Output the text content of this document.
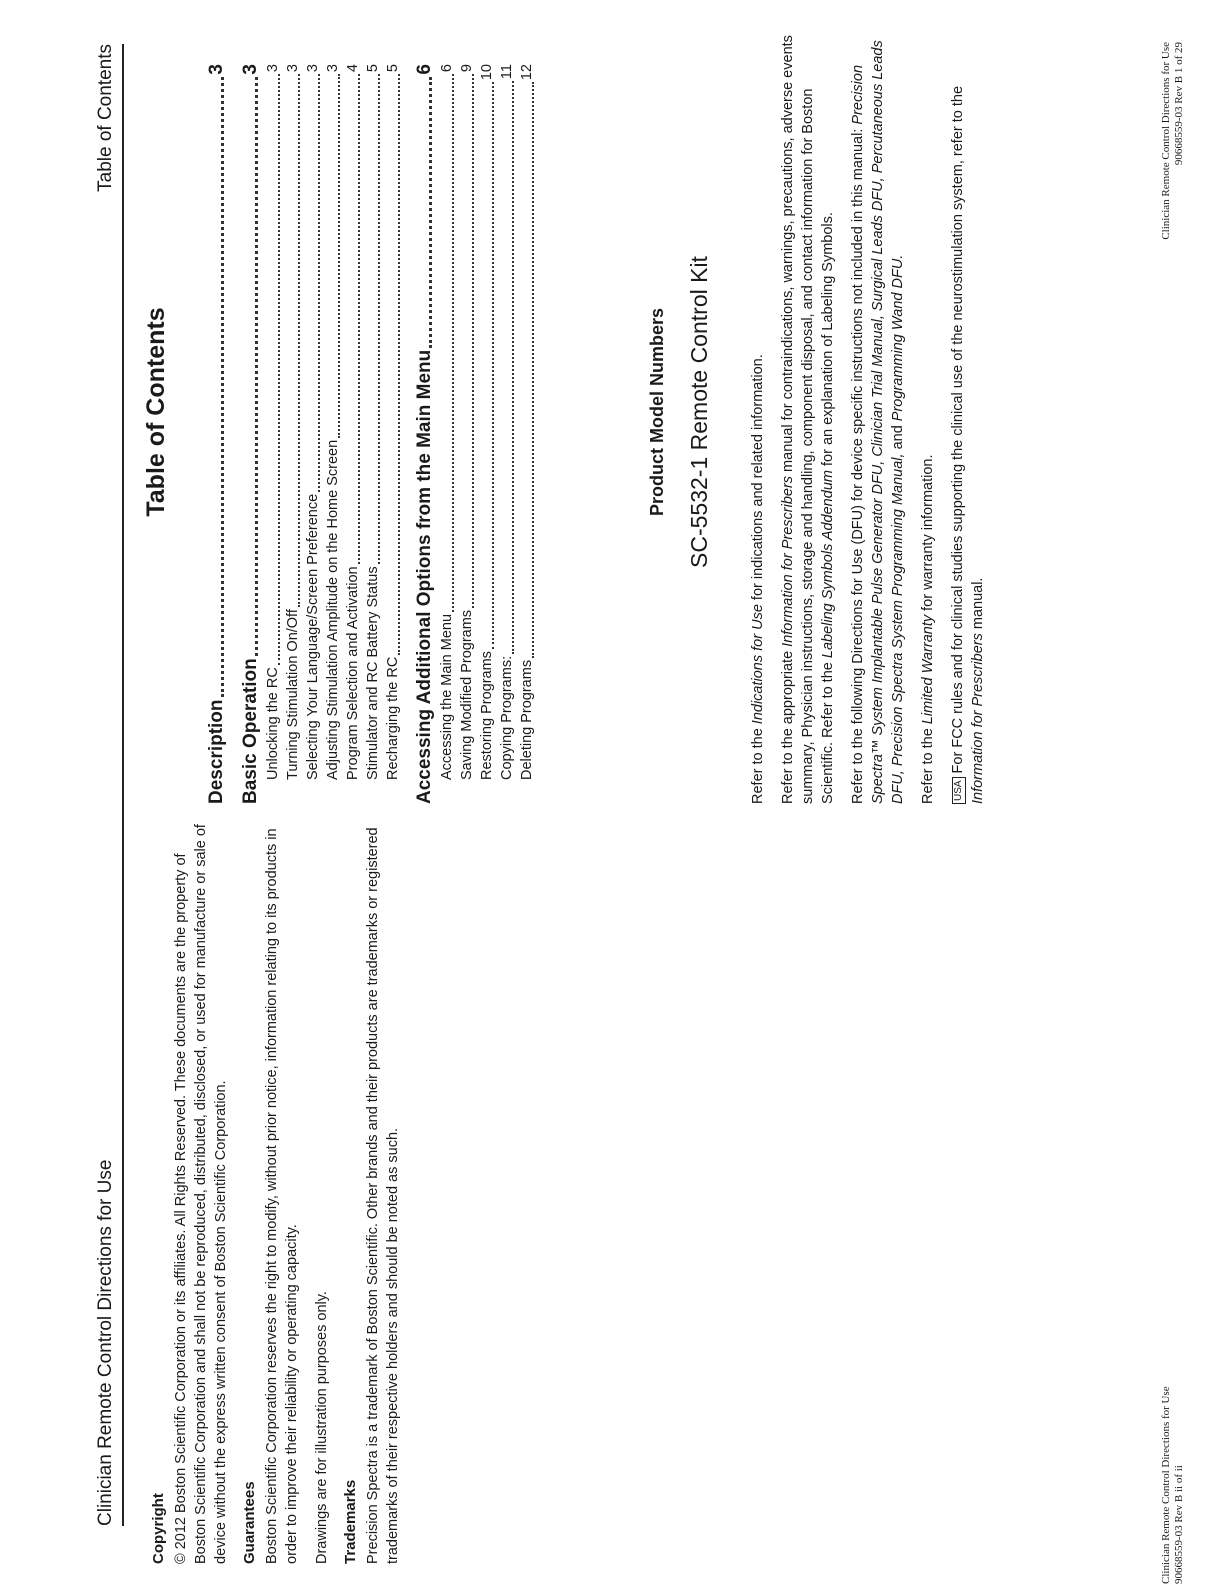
Clinician Remote Control Directions for Use
Copyright © 2012 Boston Scientific Corporation or its affiliates. All Rights Reserved. These documents are the property of Boston Scientific Corporation and shall not be reproduced, distributed, disclosed, or used for manufacture or sale of device without the express written consent of Boston Scientific Corporation. Guarantees Boston Scientific Corporation reserves the right to modify, without prior notice, information relating to its products in order to improve their reliability or operating capacity. Drawings are for illustration purposes only. Trademarks Precision Spectra is a trademark of Boston Scientific. Other brands and their products are trademarks or registered trademarks of their respective holders and should be noted as such.	Clinician Remote Control Directions for Use 90668559-03 Rev B ii of ii
Table of Contents
Table of Contents
Description
3
Basic Operation
3
Unlocking the RC
3
Turning Stimulation On/Off
3
Selecting Your Language/Screen Preference
3
Adjusting Stimulation Amplitude on the Home Screen
3
Program Selection and Activation
4
Stimulator and RC Battery Status
5
Recharging the RC
5
Accessing Additional Options from the Main Menu
6
Accessing the Main Menu
6
Saving Modified Programs
9
Restoring Programs
10
Copying Programs:
11
Deleting Programs
12
Product Model Numbers SC-5532-1 Remote Control Kit

Refer to the Indications for Use for indications and related information.

Refer to the appropriate Information for Prescribers manual for contraindications, warnings, precautions, adverse events summary, Physician instructions, storage and handling, component disposal, and contact information for Boston Scientific. Refer to the Labeling Symbols Addendum for an explanation of Labeling Symbols. Refer to the following Directions for Use (DFU) for device specific instructions not included in this manual: Precision Spectra™ System Implantable Pulse Generator DFU, Clinician Trial Manual, Surgical Leads DFU, Percutaneous Leads DFU, Precision Spectra System Programming Manual, and Programming Wand DFU.

Refer to the Limited Warranty for warranty information.

USAFor FCC rules and for clinical studies supporting the clinical use of the neurostimulation system, refer to the Information for Prescribers manual.

Clinician Remote Control Directions for Use 90668559-03 Rev B 1 of 29
